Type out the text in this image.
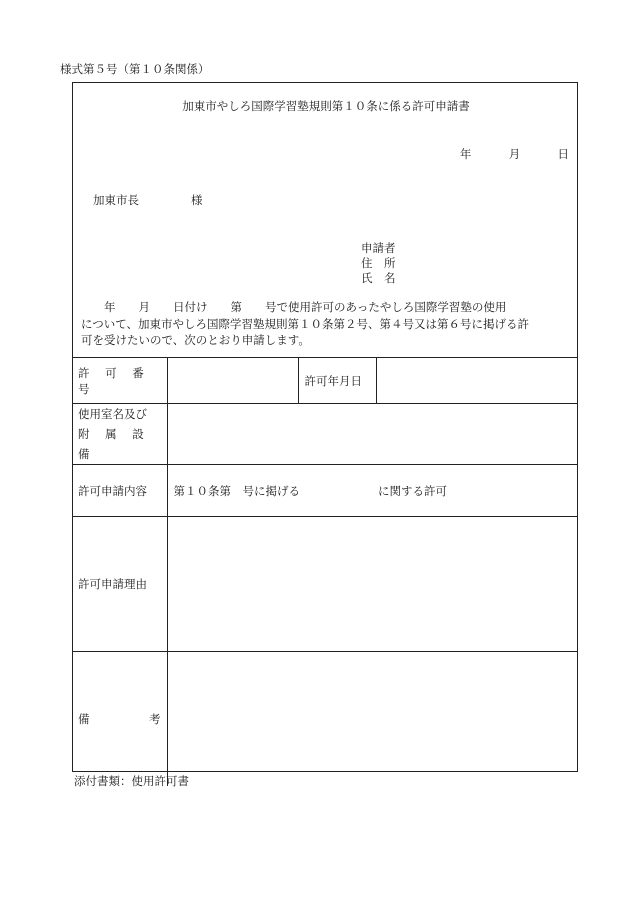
様式第５号（第１０条関係）
加東市やしろ国際学習塾規則第１０条に係る許可申請書
年	月	日
加東市長	様
申請者
住　所
氏　名

　　年　　月　　日付け　　第　　号で使用許可のあったやしろ国際学習塾の使用

について、加東市やしろ国際学習塾規則第１０条第２号、第４号又は第６号に掲げる許

可を受けたいので、次のとおり申請します。

許 可 番 号		許可年月日	

使用室名及び
附 属 設 備			

許可申請内容	第１０条第　号に掲げる に関する許可		
許可申請理由			

備 考			

添付書類：使用許可書
